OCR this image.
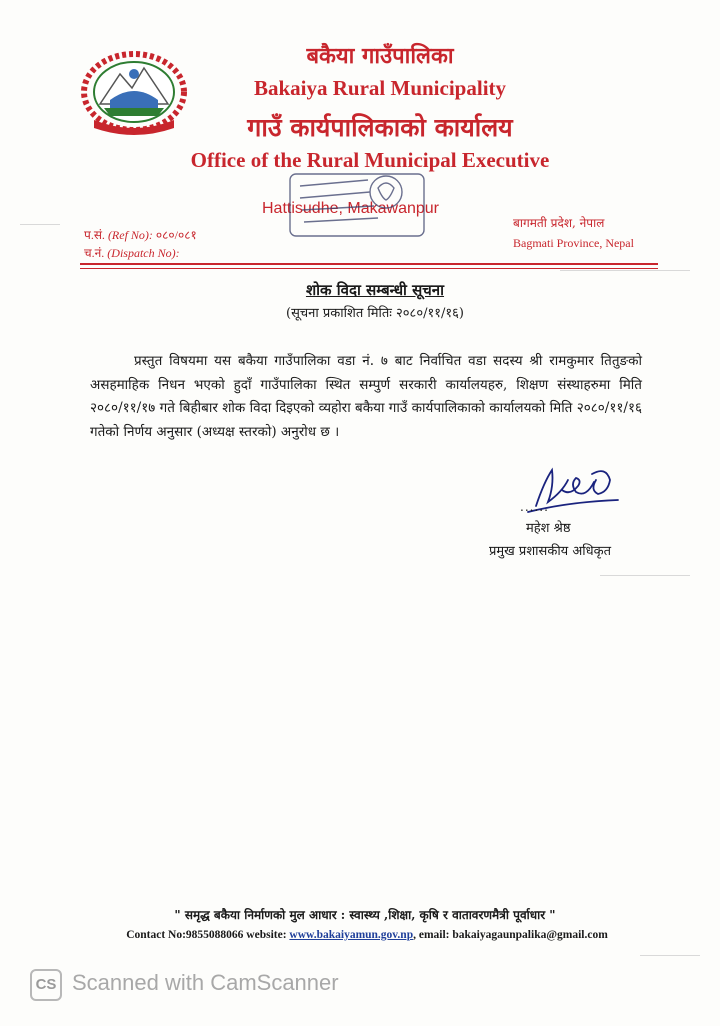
बकैया गाउँपालिका
Bakaiya Rural Municipality
गाउँ कार्यपालिकाको कार्यालय
Office of the Rural Municipal Executive
Hattisudhe, Makawanpur
प.सं. (Ref No): ०८०/०८१
च.नं. (Dispatch No):
बागमती प्रदेश, नेपाल
Bagmati Province, Nepal
शोक विदा सम्बन्धी सूचना
(सूचना प्रकाशित मितिः २०८०/११/१६)
प्रस्तुत विषयमा यस बकैया गाउँपालिका वडा नं. ७ बाट निर्वाचित वडा सदस्य श्री रामकुमार तितुङको असहमाहिक निधन भएको हुदाँ गाउँपालिका स्थित सम्पुर्ण सरकारी कार्यालयहरु, शिक्षण संस्थाहरुमा मिति २०८०/११/१७ गते बिहीबार शोक विदा दिइएको व्यहोरा बकैया गाउँ कार्यपालिकाको कार्यालयको मिति २०८०/११/१६ गतेको निर्णय अनुसार (अध्यक्ष स्तरको) अनुरोध छ ।
......
महेश श्रेष्ठ
प्रमुख प्रशासकीय अधिकृत
" समृद्ध बकैया निर्माणको मुल आधार : स्वास्थ्य ,शिक्षा, कृषि र वातावरणमैत्री पूर्वाधार "
Contact No:9855088066 website: www.bakaiyamun.gov.np, email: bakaiyagaunpalika@gmail.com
CS Scanned with CamScanner
